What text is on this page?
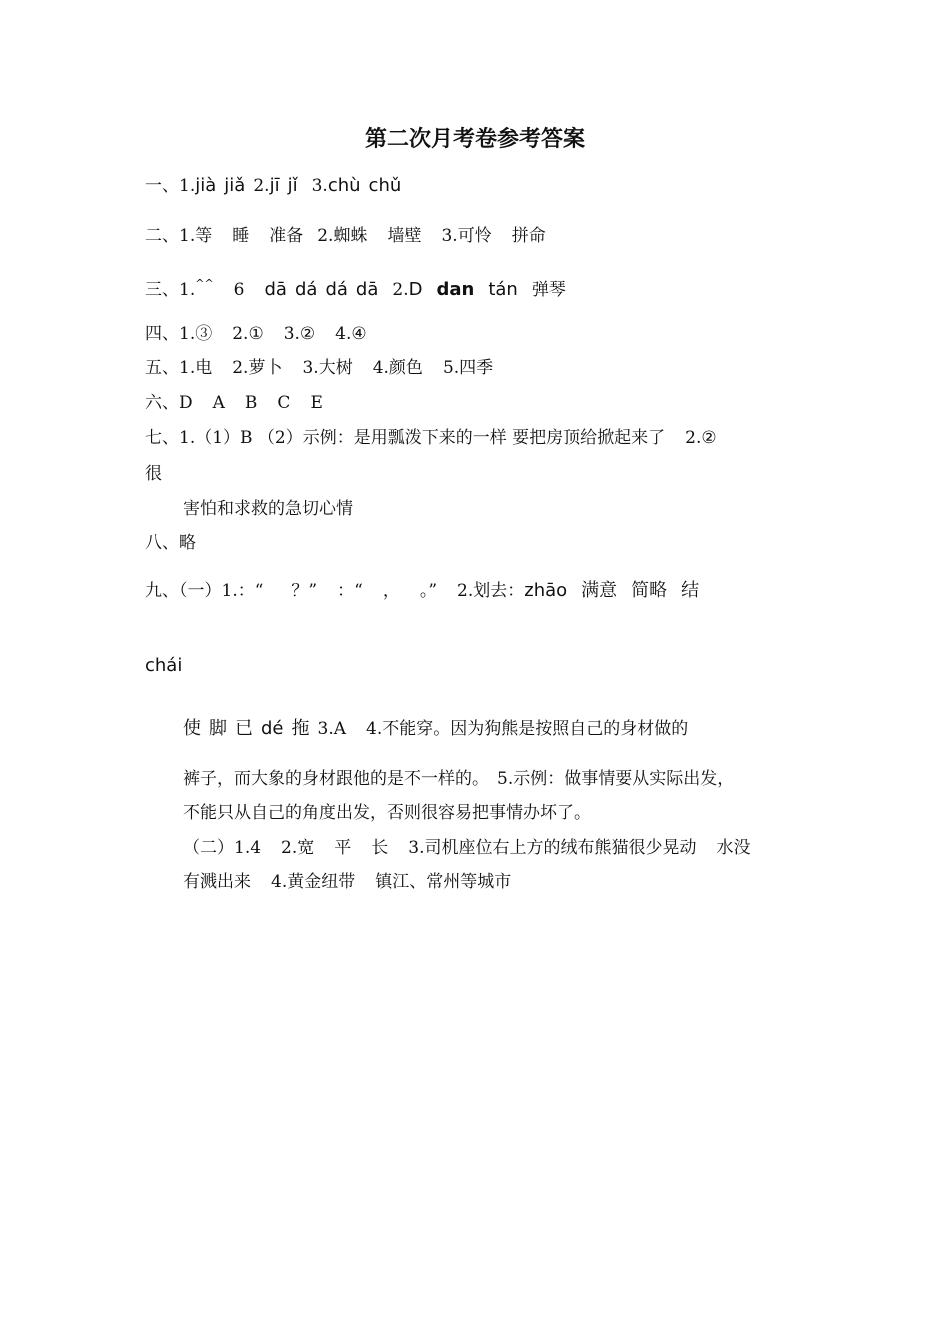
第二次月考卷参考答案
一、1.jià jiǎ 2.jī jǐ 3.chù chǔ
二、1.等 睡 准备 2.蜘蛛 墙壁 3.可怜 拼命
三、1.^^ 6 dā dá dá dā 2.D dan tán 弹琴
四、1.③ 2.① 3.② 4.④
五、1.电 2.萝卜 3.大树 4.颜色 5.四季
六、D A B C E
七、1.（1）B （2）示例：是用瓢泼下来的一样 要把房顶给掀起来了 2.②
很
害怕和求救的急切心情
八、略
九、（一）1.：“ ？” ：“ ， 。” 2.划去：zhāo 满意 简略 结
chái
使 脚 已 dé 拖 3.A 4.不能穿。因为狗熊是按照自己的身材做的
裤子，而大象的身材跟他的是不一样的。 5.示例：做事情要从实际出发，
不能只从自己的角度出发，否则很容易把事情办坏了。
（二）1.4 2.宽 平 长 3.司机座位右上方的绒布熊猫很少晃动 水没
有溅出来 4.黄金纽带 镇江、常州等城市
